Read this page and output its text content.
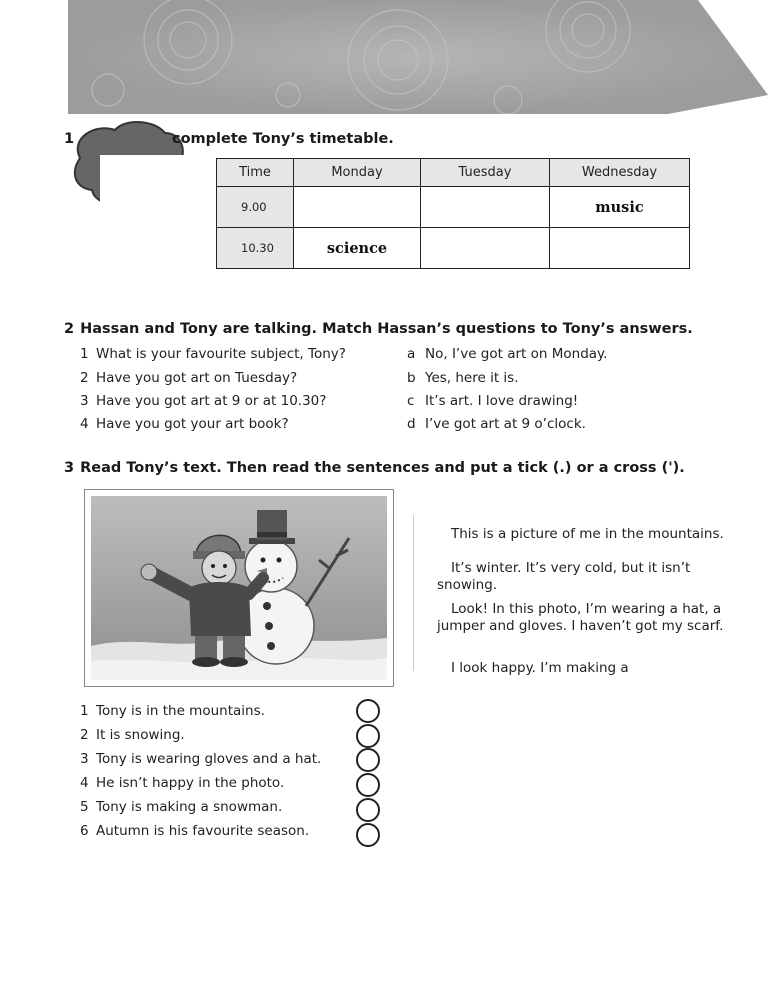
1	complete Tony’s timetable.
Time	Monday	Tuesday	Wednesday
9.00			music
10.30	science		
2 Hassan and Tony are talking. Match Hassan’s questions to Tony’s answers.
1 What is your favourite subject, Tony?
2 Have you got art on Tuesday?
3 Have you got art at 9 or at 10.30?
4 Have you got your art book?
a No, I’ve got art on Monday.
b Yes, here it is.
c It’s art. I love drawing!
d I’ve got art at 9 o’clock.
3 Read Tony’s text. Then read the sentences and put a tick (.) or a cross (').

This is a picture of me in the mountains.

It’s winter. It’s very cold, but it isn’t snowing.

Look! In this photo, I’m wearing a hat, a jumper and gloves. I haven’t got my scarf.

I look happy. I’m making a

1 Tony is in the mountains.
2 It is snowing.
3 Tony is wearing gloves and a hat.
4 He isn’t happy in the photo.
5 Tony is making a snowman.
6 Autumn is his favourite season.
